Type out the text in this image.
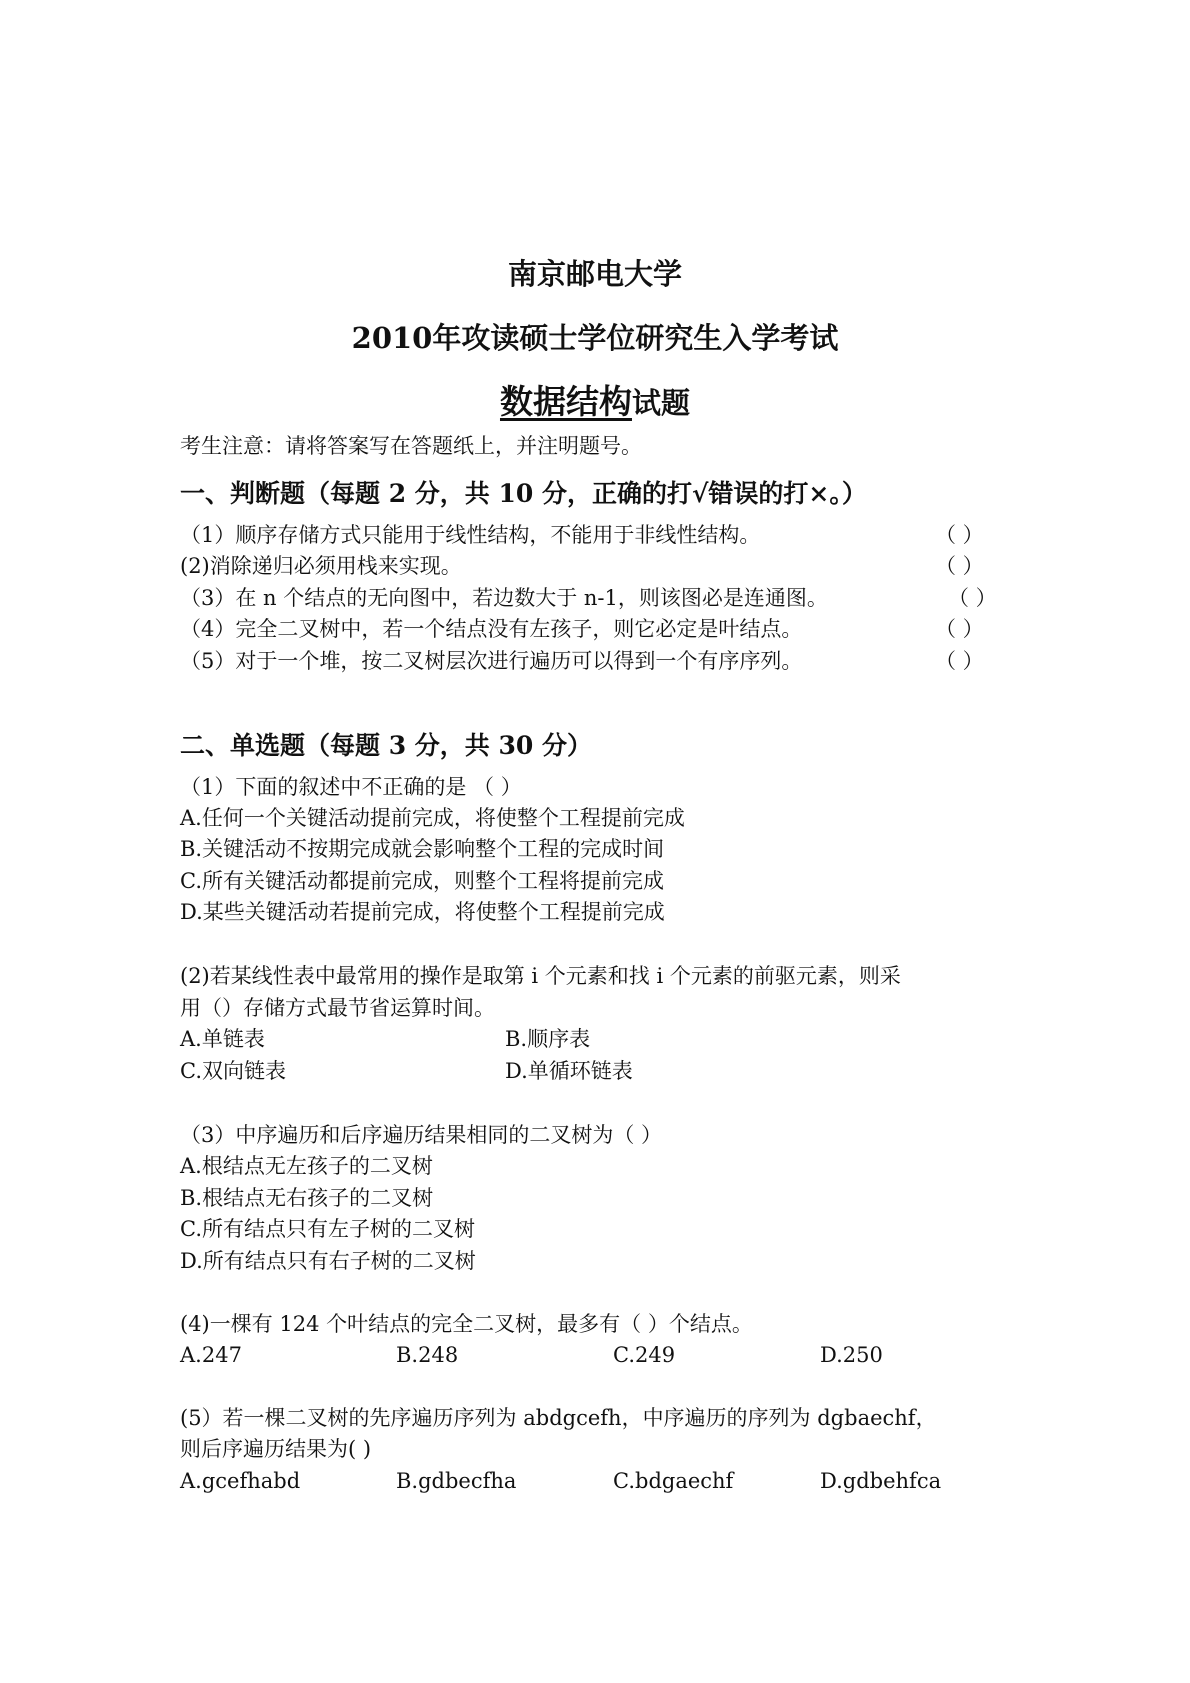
南京邮电大学
2010年攻读硕士学位研究生入学考试
数据结构试题
考生注意：请将答案写在答题纸上，并注明题号。
一、判断题（每题 2 分，共 10 分，正确的打√错误的打×。）
（1）顺序存储方式只能用于线性结构，不能用于非线性结构。	（ ）
(2)消除递归必须用栈来实现。	（ ）
（3）在 n 个结点的无向图中，若边数大于 n-1，则该图必是连通图。	（ ）
（4）完全二叉树中，若一个结点没有左孩子，则它必定是叶结点。	（ ）
（5）对于一个堆，按二叉树层次进行遍历可以得到一个有序序列。	（ ）
二、单选题（每题 3 分，共 30 分）
（1）下面的叙述中不正确的是 （ ）
A.任何一个关键活动提前完成，将使整个工程提前完成
B.关键活动不按期完成就会影响整个工程的完成时间
C.所有关键活动都提前完成，则整个工程将提前完成
D.某些关键活动若提前完成，将使整个工程提前完成
(2)若某线性表中最常用的操作是取第 i 个元素和找 i 个元素的前驱元素，则采
用（）存储方式最节省运算时间。
A.单链表	B.顺序表
C.双向链表	D.单循环链表
（3）中序遍历和后序遍历结果相同的二叉树为（ ）
A.根结点无左孩子的二叉树
B.根结点无右孩子的二叉树
C.所有结点只有左子树的二叉树
D.所有结点只有右子树的二叉树
(4)一棵有 124 个叶结点的完全二叉树，最多有（ ）个结点。
A.247	B.248	C.249	D.250
(5）若一棵二叉树的先序遍历序列为 abdgcefh，中序遍历的序列为 dgbaechf，
则后序遍历结果为( )
A.gcefhabd	B.gdbecfha	C.bdgaechf	D.gdbehfca
